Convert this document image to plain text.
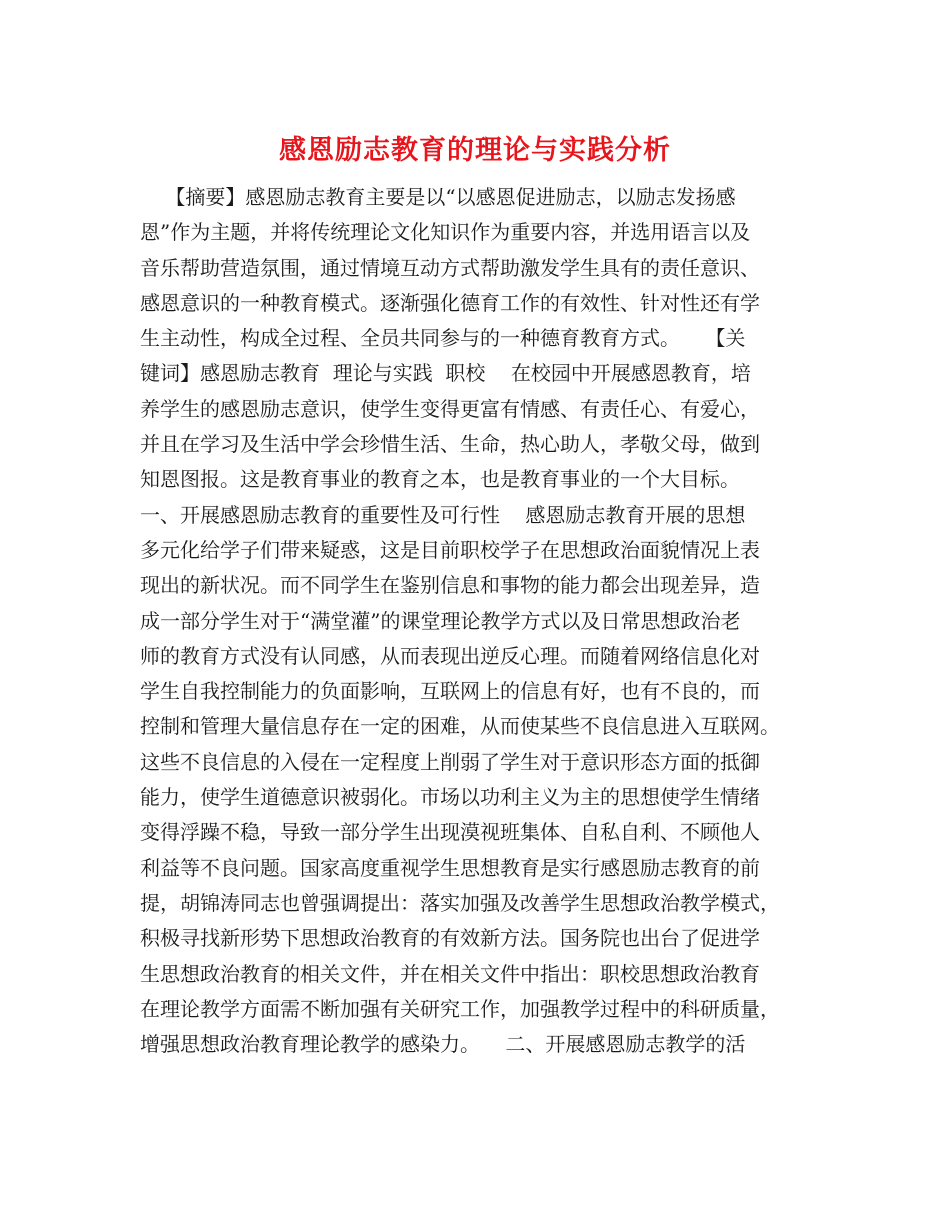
感恩励志教育的理论与实践分析
【摘要】感恩励志教育主要是以“以感恩促进励志，以励志发扬感
恩”作为主题，并将传统理论文化知识作为重要内容，并选用语言以及
音乐帮助营造氛围，通过情境互动方式帮助激发学生具有的责任意识、
感恩意识的一种教育模式。逐渐强化德育工作的有效性、针对性还有学
生主动性，构成全过程、全员共同参与的一种德育教育方式。    【关
键词】感恩励志教育  理论与实践  职校    在校园中开展感恩教育，培
养学生的感恩励志意识，使学生变得更富有情感、有责任心、有爱心，
并且在学习及生活中学会珍惜生活、生命，热心助人，孝敬父母，做到
知恩图报。这是教育事业的教育之本，也是教育事业的一个大目标。
一、开展感恩励志教育的重要性及可行性    感恩励志教育开展的思想
多元化给学子们带来疑惑，这是目前职校学子在思想政治面貌情况上表
现出的新状况。而不同学生在鉴别信息和事物的能力都会出现差异，造
成一部分学生对于“满堂灌”的课堂理论教学方式以及日常思想政治老
师的教育方式没有认同感，从而表现出逆反心理。而随着网络信息化对
学生自我控制能力的负面影响，互联网上的信息有好，也有不良的，而
控制和管理大量信息存在一定的困难，从而使某些不良信息进入互联网。
这些不良信息的入侵在一定程度上削弱了学生对于意识形态方面的抵御
能力，使学生道德意识被弱化。市场以功利主义为主的思想使学生情绪
变得浮躁不稳，导致一部分学生出现漠视班集体、自私自利、不顾他人
利益等不良问题。国家高度重视学生思想教育是实行感恩励志教育的前
提，胡锦涛同志也曾强调提出：落实加强及改善学生思想政治教学模式，
积极寻找新形势下思想政治教育的有效新方法。国务院也出台了促进学
生思想政治教育的相关文件，并在相关文件中指出：职校思想政治教育
在理论教学方面需不断加强有关研究工作，加强教学过程中的科研质量，
增强思想政治教育理论教学的感染力。    二、开展感恩励志教学的活
